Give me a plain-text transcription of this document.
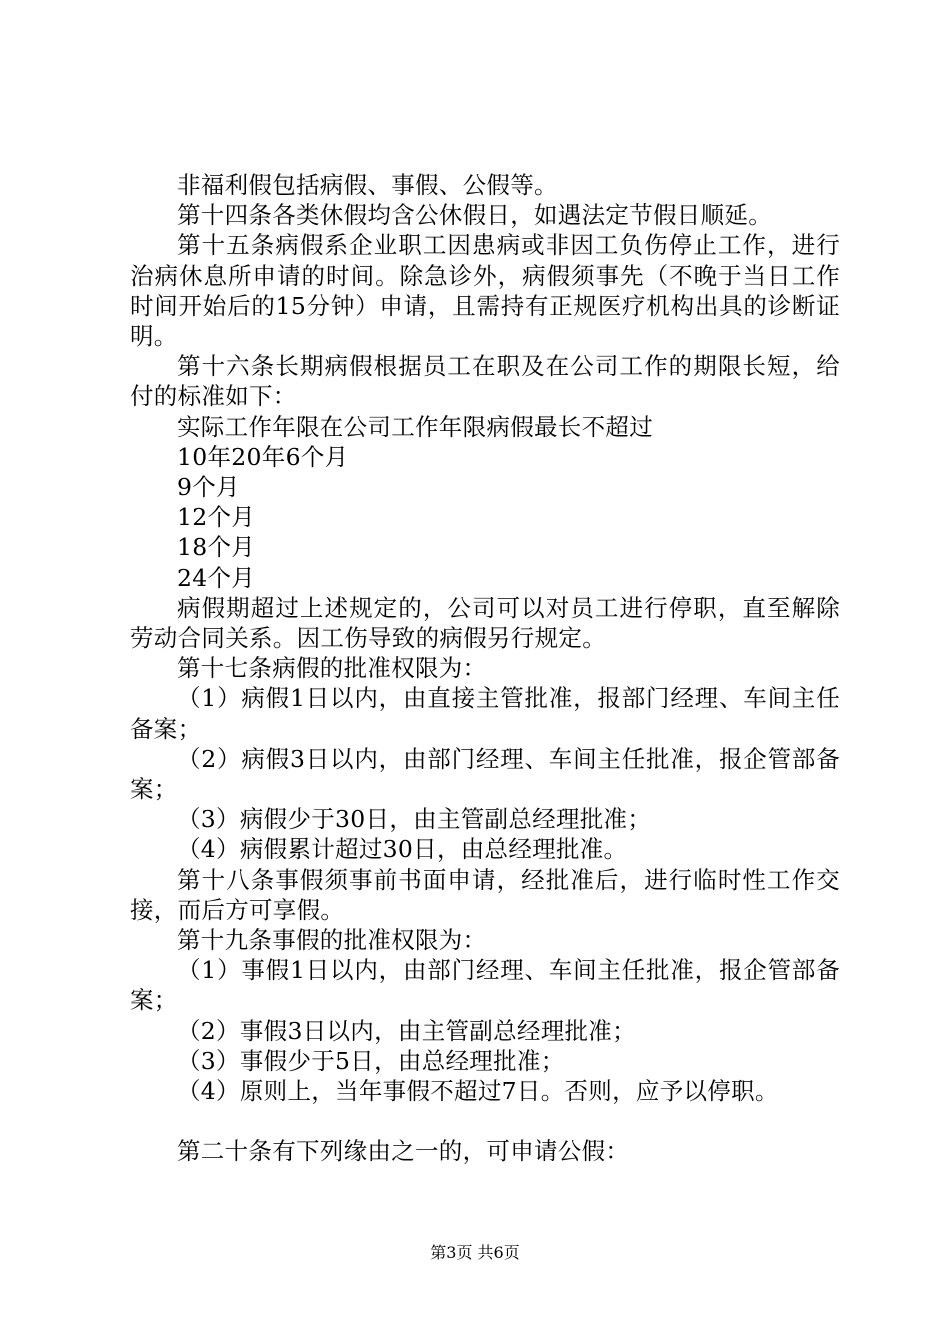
非福利假包括病假、事假、公假等。

第十四条各类休假均含公休假日，如遇法定节假日顺延。

第十五条病假系企业职工因患病或非因工负伤停止工作，进行治病休息所申请的时间。除急诊外，病假须事先（不晚于当日工作时间开始后的15分钟）申请，且需持有正规医疗机构出具的诊断证明。

第十六条长期病假根据员工在职及在公司工作的期限长短，给付的标准如下：

实际工作年限在公司工作年限病假最长不超过

10年20年6个月

9个月

12个月

18个月

24个月

病假期超过上述规定的，公司可以对员工进行停职，直至解除劳动合同关系。因工伤导致的病假另行规定。

第十七条病假的批准权限为：

（1）病假1日以内，由直接主管批准，报部门经理、车间主任备案；

（2）病假3日以内，由部门经理、车间主任批准，报企管部备案；

（3）病假少于30日，由主管副总经理批准；

（4）病假累计超过30日，由总经理批准。

第十八条事假须事前书面申请，经批准后，进行临时性工作交接，而后方可享假。

第十九条事假的批准权限为：

（1）事假1日以内，由部门经理、车间主任批准，报企管部备案；

（2）事假3日以内，由主管副总经理批准；

（3）事假少于5日，由总经理批准；

（4）原则上，当年事假不超过7日。否则，应予以停职。

第二十条有下列缘由之一的，可申请公假：

第3页 共6页
